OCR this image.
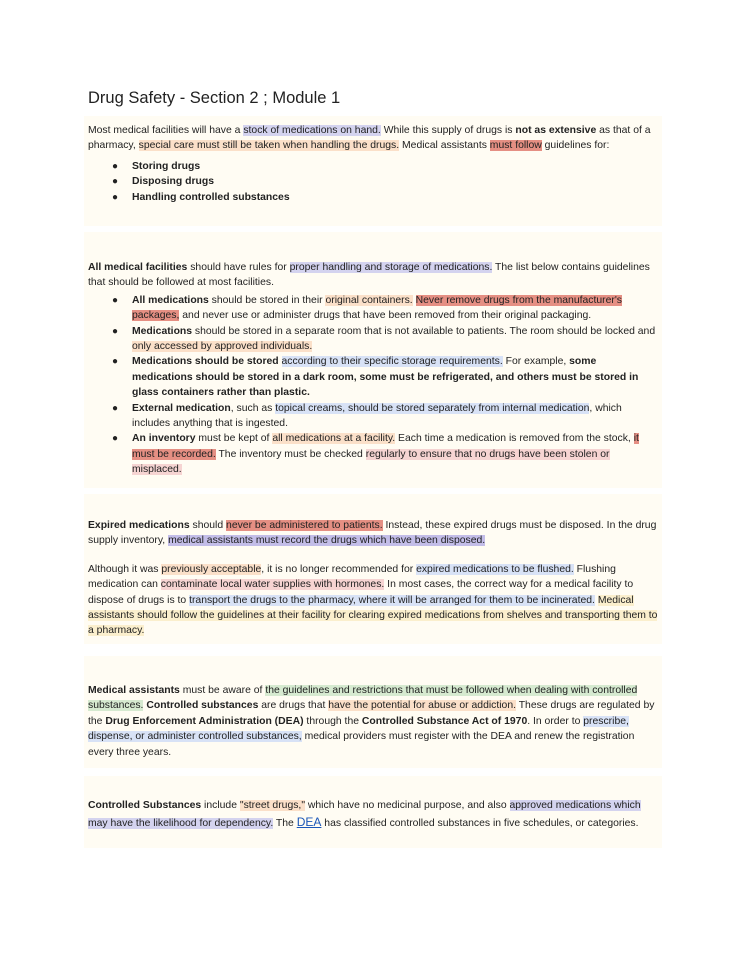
Drug Safety - Section 2 ; Module 1

Most medical facilities will have a stock of medications on hand. While this supply of drugs is not as extensive as that of a pharmacy, special care must still be taken when handling the drugs. Medical assistants must follow guidelines for:

● Storing drugs
● Disposing drugs
● Handling controlled substances

All medical facilities should have rules for proper handling and storage of medications. The list below contains guidelines that should be followed at most facilities.

● All medications should be stored in their original containers. Never remove drugs from the manufacturer's packages, and never use or administer drugs that have been removed from their original packaging.
● Medications should be stored in a separate room that is not available to patients. The room should be locked and only accessed by approved individuals.
● Medications should be stored according to their specific storage requirements. For example, some medications should be stored in a dark room, some must be refrigerated, and others must be stored in glass containers rather than plastic.
● External medication, such as topical creams, should be stored separately from internal medication, which includes anything that is ingested.
● An inventory must be kept of all medications at a facility. Each time a medication is removed from the stock, it must be recorded. The inventory must be checked regularly to ensure that no drugs have been stolen or misplaced.

Expired medications should never be administered to patients. Instead, these expired drugs must be disposed. In the drug supply inventory, medical assistants must record the drugs which have been disposed.

Although it was previously acceptable, it is no longer recommended for expired medications to be flushed. Flushing medication can contaminate local water supplies with hormones. In most cases, the correct way for a medical facility to dispose of drugs is to transport the drugs to the pharmacy, where it will be arranged for them to be incinerated. Medical assistants should follow the guidelines at their facility for clearing expired medications from shelves and transporting them to a pharmacy.

Medical assistants must be aware of the guidelines and restrictions that must be followed when dealing with controlled substances. Controlled substances are drugs that have the potential for abuse or addiction. These drugs are regulated by the Drug Enforcement Administration (DEA) through the Controlled Substance Act of 1970. In order to prescribe, dispense, or administer controlled substances, medical providers must register with the DEA and renew the registration every three years.

Controlled Substances include "street drugs," which have no medicinal purpose, and also approved medications which may have the likelihood for dependency. The DEA has classified controlled substances in five schedules, or categories.
